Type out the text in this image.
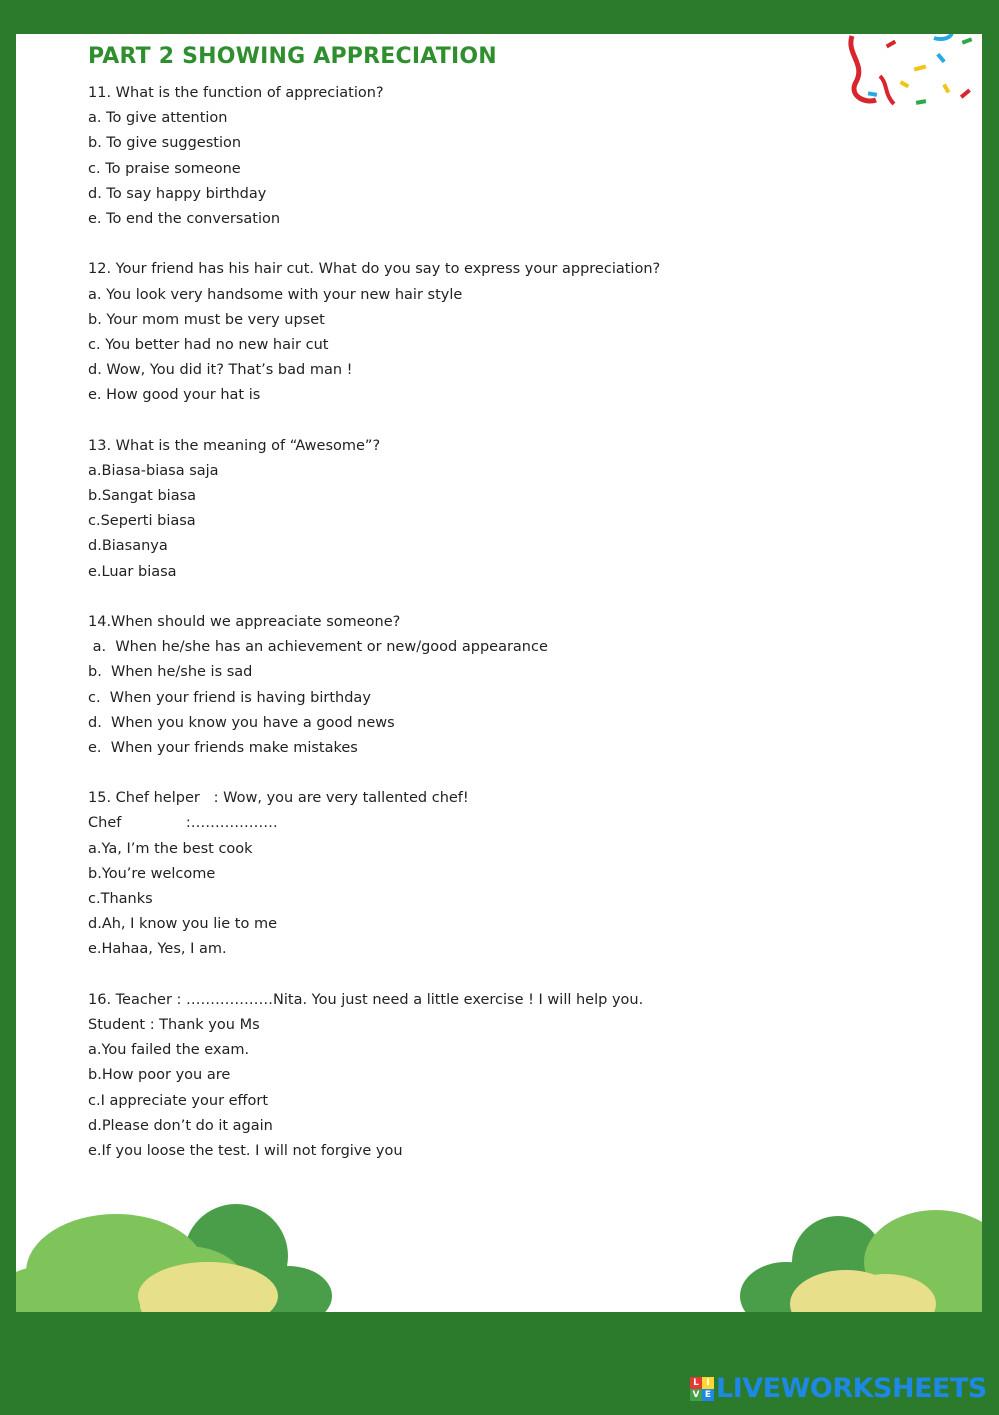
PART 2 SHOWING APPRECIATION
11. What is the function of appreciation?
a. To give attention
b. To give suggestion
c. To praise someone
d. To say happy birthday
e. To end the conversation
12. Your friend has his hair cut. What do you say to express your appreciation?
a. You look very handsome with your new hair style
b. Your mom must be very upset
c. You better had no new hair cut
d. Wow, You did it? That’s bad man !
e. How good your hat is
13. What is the meaning of “Awesome”?
a.Biasa-biasa saja
b.Sangat biasa
c.Seperti biasa
d.Biasanya
e.Luar biasa
14.When should we appreaciate someone?
a.  When he/she has an achievement or new/good appearance
b.  When he/she is sad
c.  When your friend is having birthday
d.  When you know you have a good news
e.  When your friends make mistakes
15. Chef helper   : Wow, you are very tallented chef!
Chef              :………………
a.Ya, I’m the best cook
b.You’re welcome
c.Thanks
d.Ah, I know you lie to me
e.Hahaa, Yes, I am.
16. Teacher : ………………Nita. You just need a little exercise ! I will help you.
Student : Thank you Ms
a.You failed the exam.
b.How poor you are
c.I appreciate your effort
d.Please don’t do it again
e.If you loose the test. I will not forgive you
L I
V E LIVEWORKSHEETS
